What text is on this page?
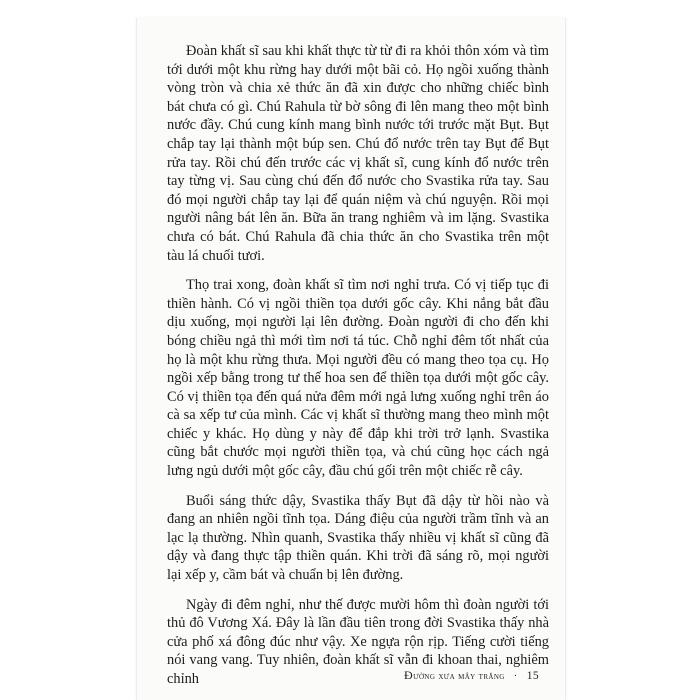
Đoàn khất sĩ sau khi khất thực từ từ đi ra khỏi thôn xóm và tìm tới dưới một khu rừng hay dưới một bãi cỏ. Họ ngồi xuống thành vòng tròn và chia xẻ thức ăn đã xin được cho những chiếc bình bát chưa có gì. Chú Rahula từ bờ sông đi lên mang theo một bình nước đầy. Chú cung kính mang bình nước tới trước mặt Bụt. Bụt chắp tay lại thành một búp sen. Chú đổ nước trên tay Bụt để Bụt rửa tay. Rồi chú đến trước các vị khất sĩ, cung kính đổ nước trên tay từng vị. Sau cùng chú đến đổ nước cho Svastika rửa tay. Sau đó mọi người chắp tay lại để quán niệm và chú nguyện. Rồi mọi người nâng bát lên ăn. Bữa ăn trang nghiêm và im lặng. Svastika chưa có bát. Chú Rahula đã chia thức ăn cho Svastika trên một tàu lá chuối tươi.

Thọ trai xong, đoàn khất sĩ tìm nơi nghỉ trưa. Có vị tiếp tục đi thiền hành. Có vị ngồi thiền tọa dưới gốc cây. Khi nắng bắt đầu dịu xuống, mọi người lại lên đường. Đoàn người đi cho đến khi bóng chiều ngả thì mới tìm nơi tá túc. Chỗ nghỉ đêm tốt nhất của họ là một khu rừng thưa. Mọi người đều có mang theo tọa cụ. Họ ngồi xếp bằng trong tư thế hoa sen để thiền tọa dưới một gốc cây. Có vị thiền tọa đến quá nửa đêm mới ngả lưng xuống nghỉ trên áo cà sa xếp tư của mình. Các vị khất sĩ thường mang theo mình một chiếc y khác. Họ dùng y này để đắp khi trời trở lạnh. Svastika cũng bắt chước mọi người thiền tọa, và chú cũng học cách ngả lưng ngủ dưới một gốc cây, đầu chú gối trên một chiếc rễ cây.

Buổi sáng thức dậy, Svastika thấy Bụt đã dậy từ hồi nào và đang an nhiên ngồi tĩnh tọa. Dáng điệu của người trầm tĩnh và an lạc lạ thường. Nhìn quanh, Svastika thấy nhiều vị khất sĩ cũng đã dậy và đang thực tập thiền quán. Khi trời đã sáng rõ, mọi người lại xếp y, cầm bát và chuẩn bị lên đường.

Ngày đi đêm nghỉ, như thế được mười hôm thì đoàn người tới thủ đô Vương Xá. Đây là lần đầu tiên trong đời Svastika thấy nhà cửa phố xá đông đúc như vậy. Xe ngựa rộn rịp. Tiếng cười tiếng nói vang vang. Tuy nhiên, đoàn khất sĩ vẫn đi khoan thai, nghiêm chỉnh	Đường xưa mây trắng · 15
